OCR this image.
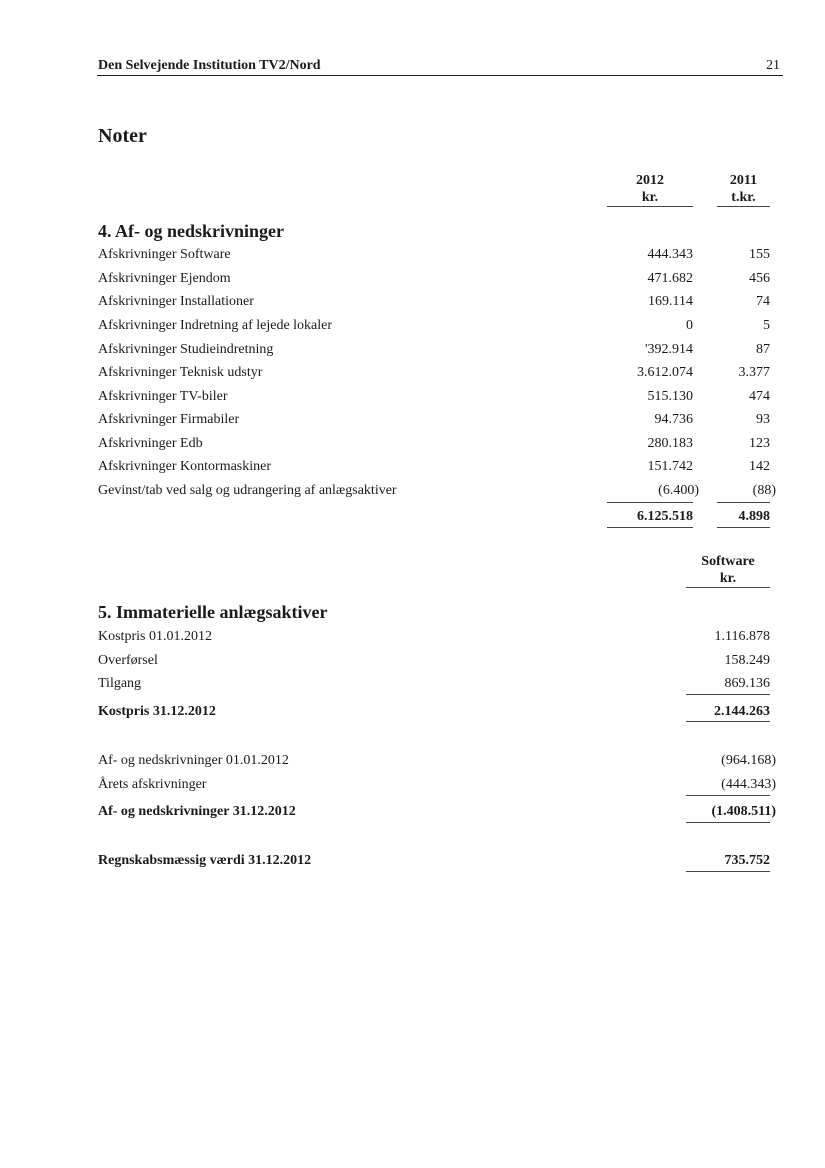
Den Selvejende Institution TV2/Nord	21
Noter
2012
kr.
2011
t.kr.
4. Af- og nedskrivninger
Afskrivninger Software	444.343	155
Afskrivninger Ejendom	471.682	456
Afskrivninger Installationer	169.114	74
Afskrivninger Indretning af lejede lokaler	0	5
Afskrivninger Studieindretning	'392.914	87
Afskrivninger Teknisk udstyr	3.612.074	3.377
Afskrivninger TV-biler	515.130	474
Afskrivninger Firmabiler	94.736	93
Afskrivninger Edb	280.183	123
Afskrivninger Kontormaskiner	151.742	142
Gevinst/tab ved salg og udrangering af anlægsaktiver	(6.400)	(88)
6.125.518	4.898
Software
kr.
5. Immaterielle anlægsaktiver
Kostpris 01.01.2012	1.116.878
Overførsel	158.249
Tilgang	869.136
Kostpris 31.12.2012	2.144.263
Af- og nedskrivninger 01.01.2012	(964.168)
Årets afskrivninger	(444.343)
Af- og nedskrivninger 31.12.2012	(1.408.511)
Regnskabsmæssig værdi 31.12.2012	735.752
